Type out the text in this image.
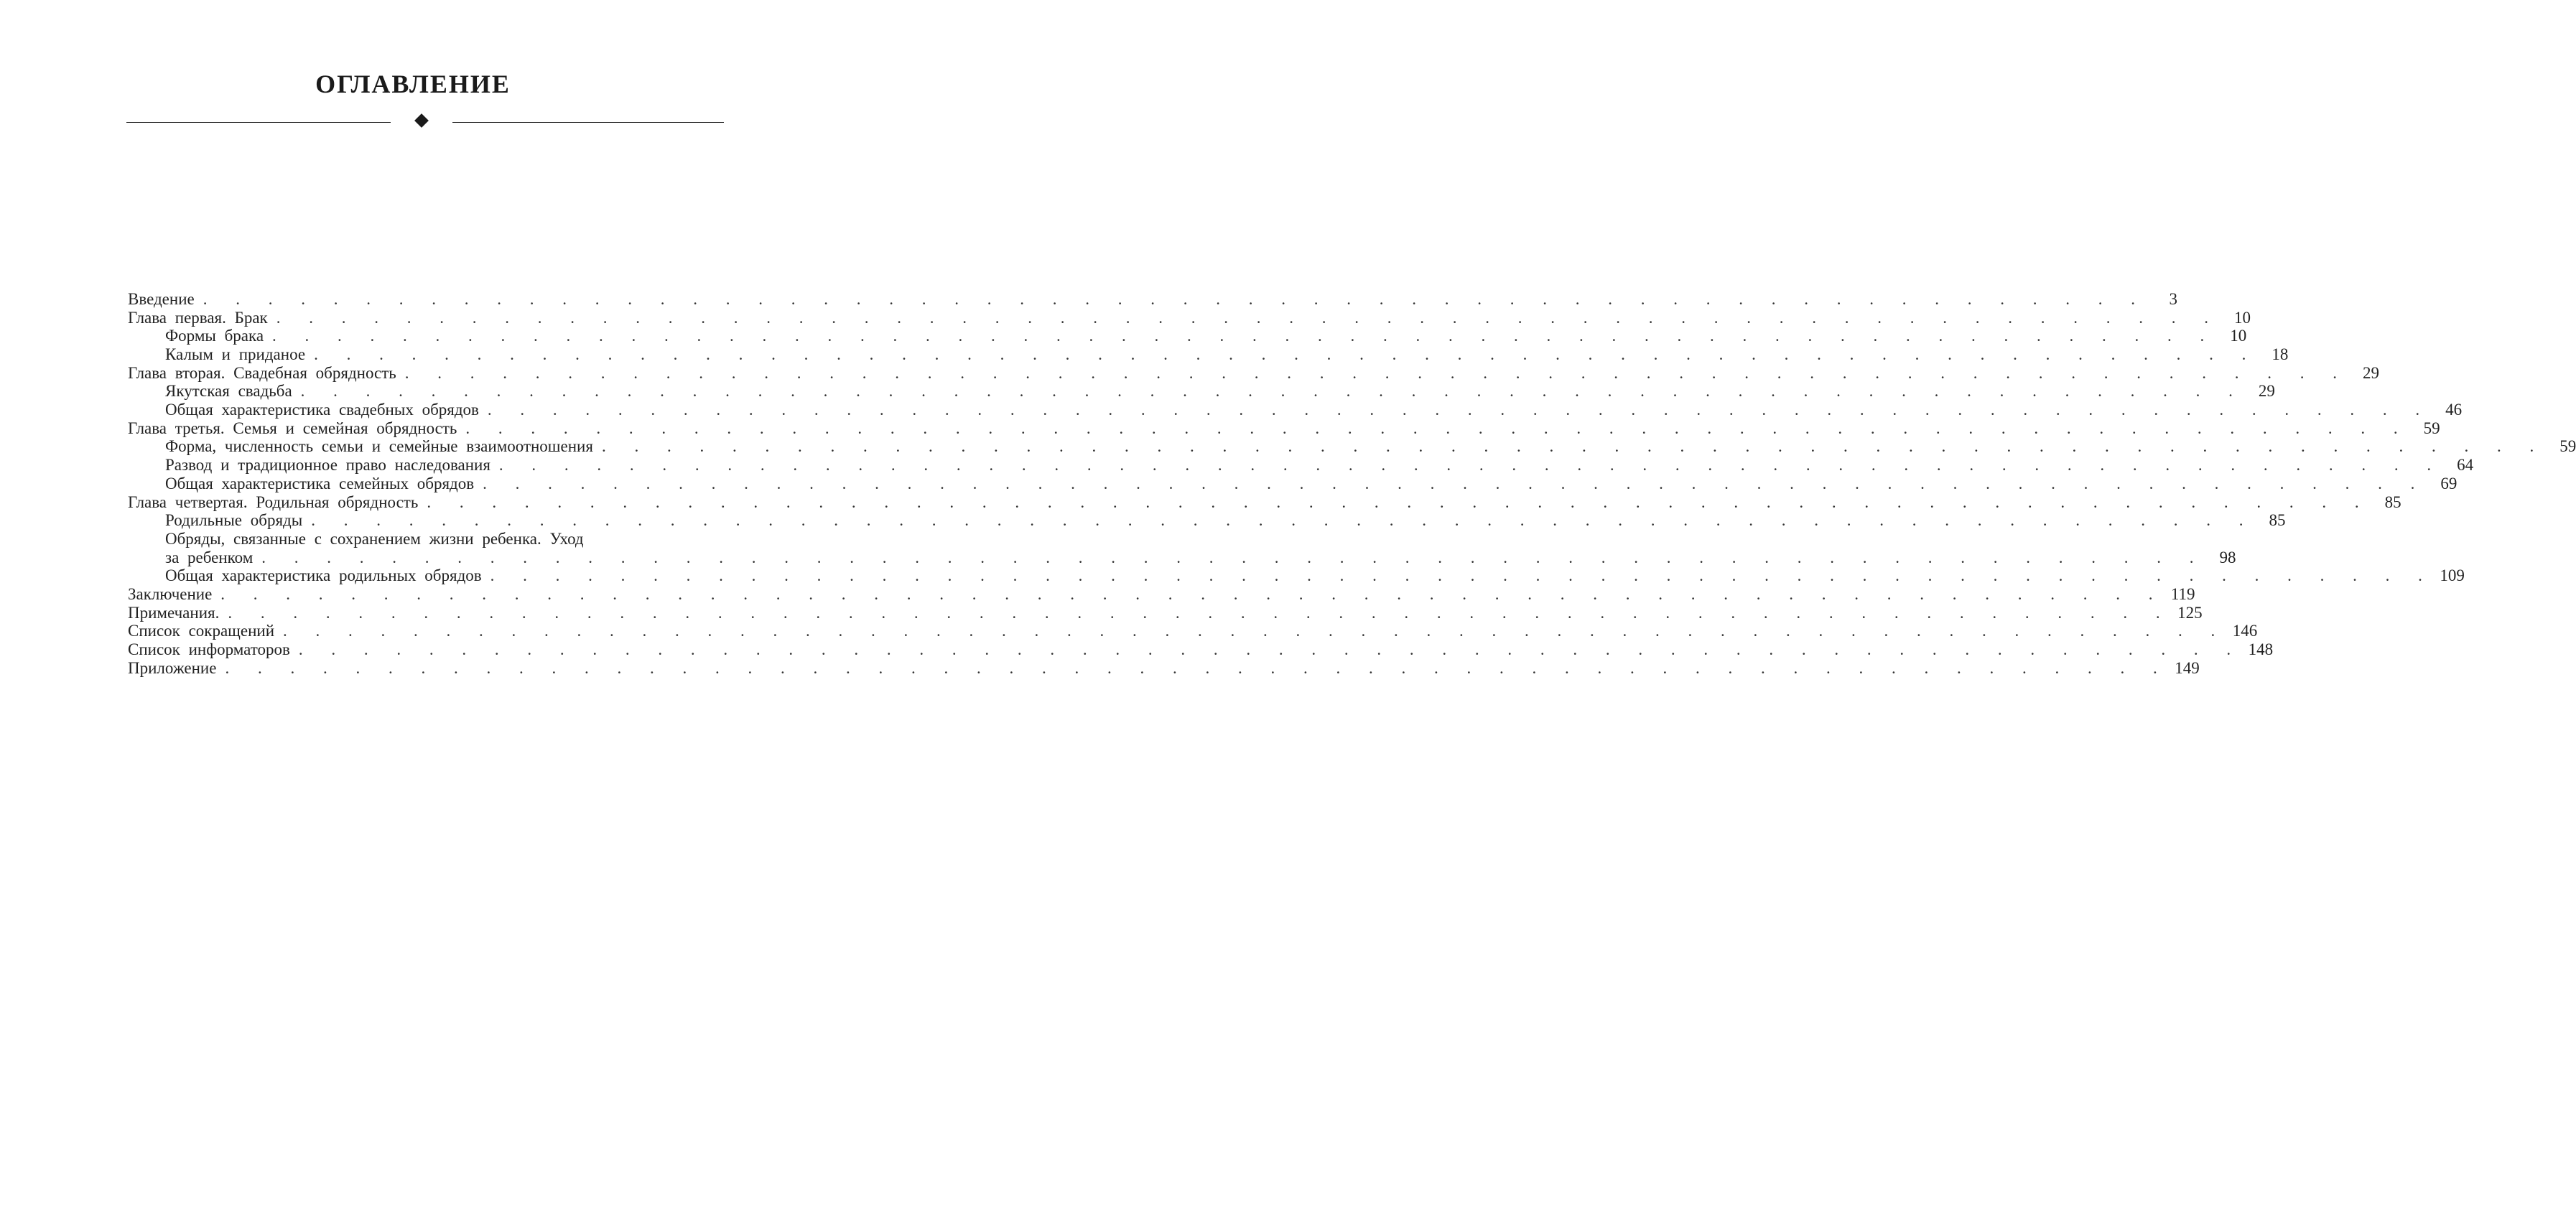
ОГЛАВЛЕНИЕ
Введение . . . . . . . . . . . . . . . . . . . . . . . . . . . . . . . . . . . . . . . . . . . . . . . . . . . . . . . . . . . .	3
Глава первая. Брак . . . . . . . . . . . . . . . . . . . . . . . . . . . . . . . . . . . . . . . . . . . . . . . . . . . . . . . . . . . . 10
Формы брака . . . . . . . . . . . . . . . . . . . . . . . . . . . . . . . . . . . . . . . . . . . . . . . . . . . . . . . . . . . . 10
Калым и приданое . . . . . . . . . . . . . . . . . . . . . . . . . . . . . . . . . . . . . . . . . . . . . . . . . . . . . . . . . . . . 18
Глава вторая. Свадебная обрядность . . . . . . . . . . . . . . . . . . . . . . . . . . . . . . . . . . . . . . . . . . . . . . . . . . . . . . . . . . . . 29
Якутская свадьба . . . . . . . . . . . . . . . . . . . . . . . . . . . . . . . . . . . . . . . . . . . . . . . . . . . . . . . . . . . . 29
Общая характеристика свадебных обрядов . . . . . . . . . . . . . . . . . . . . . . . . . . . . . . . . . . . . . . . . . . . . . . . . . . . . . . . . . . . . 46
Глава третья. Семья и семейная обрядность . . . . . . . . . . . . . . . . . . . . . . . . . . . . . . . . . . . . . . . . . . . . . . . . . . . . . . . . . . . . 59
Форма, численность семьи и семейные взаимоотношения . . . . . . . . . . . . . . . . . . . . . . . . . . . . . . . . . . . . . . . . . . . . . . . . . . . . . . . . . . . . 59
Развод и традиционное право наследования . . . . . . . . . . . . . . . . . . . . . . . . . . . . . . . . . . . . . . . . . . . . . . . . . . . . . . . . . . . . 64
Общая характеристика семейных обрядов . . . . . . . . . . . . . . . . . . . . . . . . . . . . . . . . . . . . . . . . . . . . . . . . . . . . . . . . . . . . 69
Глава четвертая. Родильная обрядность . . . . . . . . . . . . . . . . . . . . . . . . . . . . . . . . . . . . . . . . . . . . . . . . . . . . . . . . . . . . 85
Родильные обряды . . . . . . . . . . . . . . . . . . . . . . . . . . . . . . . . . . . . . . . . . . . . . . . . . . . . . . . . . . . . 85
Обряды, связанные с сохранением жизни ребенка. Уход
за ребенком . . . . . . . . . . . . . . . . . . . . . . . . . . . . . . . . . . . . . . . . . . . . . . . . . . . . . . . . . . . . 98
Общая характеристика родильных обрядов . . . . . . . . . . . . . . . . . . . . . . . . . . . . . . . . . . . . . . . . . . . . . . . . . . . . . . . . . . . . 109
Заключение . . . . . . . . . . . . . . . . . . . . . . . . . . . . . . . . . . . . . . . . . . . . . . . . . . . . . . . . . . . . 119
Примечания. . . . . . . . . . . . . . . . . . . . . . . . . . . . . . . . . . . . . . . . . . . . . . . . . . . . . . . . . . . . . 125
Список сокращений . . . . . . . . . . . . . . . . . . . . . . . . . . . . . . . . . . . . . . . . . . . . . . . . . . . . . . . . . . . . 146
Список информаторов . . . . . . . . . . . . . . . . . . . . . . . . . . . . . . . . . . . . . . . . . . . . . . . . . . . . . . . . . . . . 148
Приложение . . . . . . . . . . . . . . . . . . . . . . . . . . . . . . . . . . . . . . . . . . . . . . . . . . . . . . . . . . . . 149
